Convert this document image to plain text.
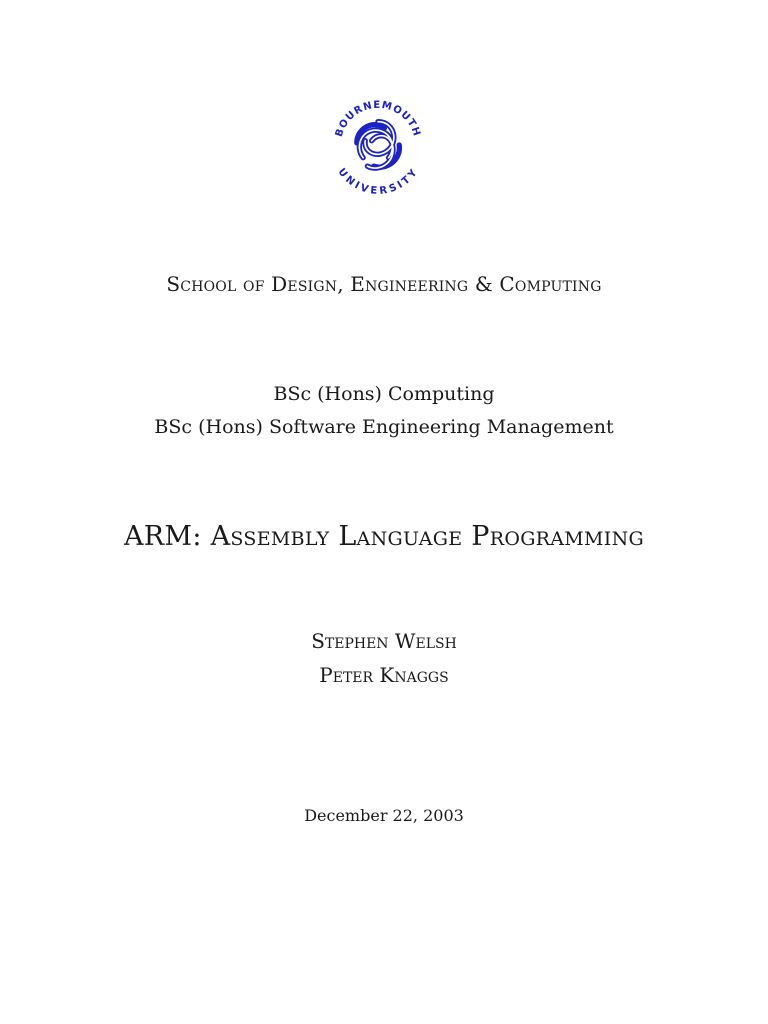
BOURNEMOUTH
UNIVERSITY
School of Design, Engineering & Computing
BSc (Hons) Computing
BSc (Hons) Software Engineering Management
ARM: Assembly Language Programming
Stephen Welsh
Peter Knaggs
December 22, 2003
